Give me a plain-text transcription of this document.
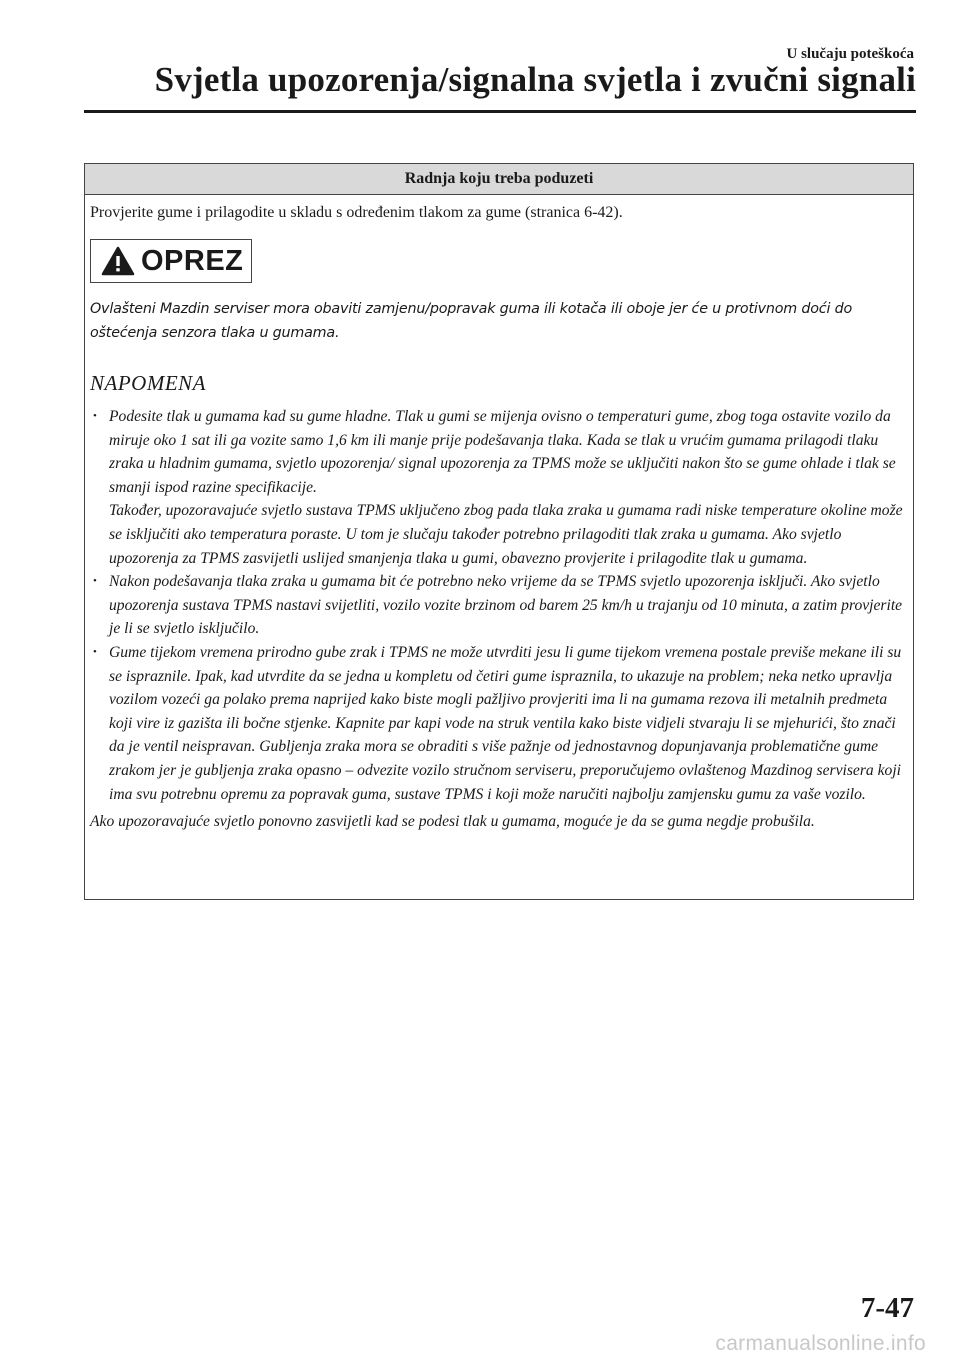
U slučaju poteškoća
Svjetla upozorenja/signalna svjetla i zvučni signali
Radnja koju treba poduzeti

Provjerite gume i prilagodite u skladu s određenim tlakom za gume (stranica 6-42).

OPREZ
Ovlašteni Mazdin serviser mora obaviti zamjenu/popravak guma ili kotača ili oboje jer će u protivnom doći do oštećenja senzora tlaka u gumama.
NAPOMENA
• Podesite tlak u gumama kad su gume hladne. Tlak u gumi se mijenja ovisno o temperaturi gume, zbog toga ostavite vozilo da miruje oko 1 sat ili ga vozite samo 1,6 km ili manje prije podešavanja tlaka. Kada se tlak u vrućim gumama prilagodi tlaku zraka u hladnim gumama, svjetlo upozorenja/ signal upozorenja za TPMS može se uključiti nakon što se gume ohlade i tlak se smanji ispod razine specifikacije.
Također, upozoravajuće svjetlo sustava TPMS uključeno zbog pada tlaka zraka u gumama radi niske temperature okoline može se isključiti ako temperatura poraste. U tom je slučaju također potrebno prilagoditi tlak zraka u gumama. Ako svjetlo upozorenja za TPMS zasvijetli uslijed smanjenja tlaka u gumi, obavezno provjerite i prilagodite tlak u gumama.
• Nakon podešavanja tlaka zraka u gumama bit će potrebno neko vrijeme da se TPMS svjetlo upozorenja isključi. Ako svjetlo upozorenja sustava TPMS nastavi svijetliti, vozilo vozite brzinom od barem 25 km/h u trajanju od 10 minuta, a zatim provjerite je li se svjetlo isključilo.
• Gume tijekom vremena prirodno gube zrak i TPMS ne može utvrditi jesu li gume tijekom vremena postale previše mekane ili su se ispraznile. Ipak, kad utvrdite da se jedna u kompletu od četiri gume ispraznila, to ukazuje na problem; neka netko upravlja vozilom vozeći ga polako prema naprijed kako biste mogli pažljivo provjeriti ima li na gumama rezova ili metalnih predmeta koji vire iz gazišta ili bočne stjenke. Kapnite par kapi vode na struk ventila kako biste vidjeli stvaraju li se mjehurići, što znači da je ventil neispravan. Gubljenja zraka mora se obraditi s više pažnje od jednostavnog dopunjavanja problematične gume zrakom jer je gubljenja zraka opasno – odvezite vozilo stručnom serviseru, preporučujemo ovlaštenog Mazdinog servisera koji ima svu potrebnu opremu za popravak guma, sustave TPMS i koji može naručiti najbolju zamjensku gumu za vaše vozilo.
Ako upozoravajuće svjetlo ponovno zasvijetli kad se podesi tlak u gumama, moguće je da se guma negdje probušila.
7-47
carmanualsonline.info
